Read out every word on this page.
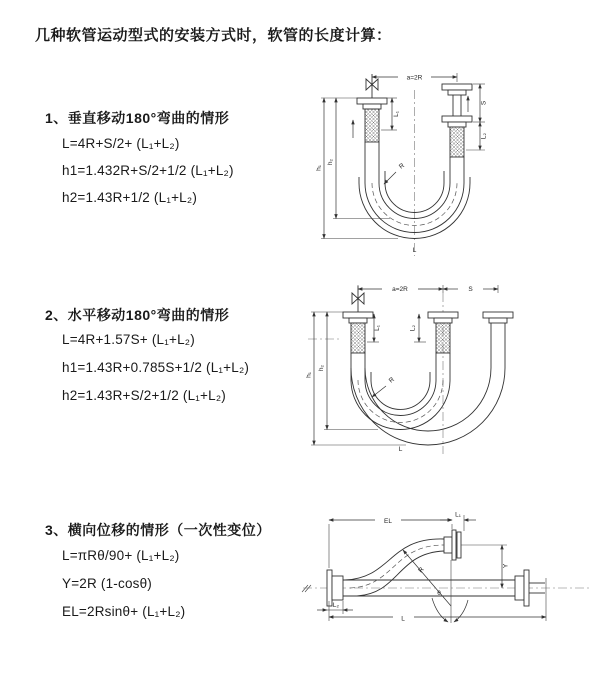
几种软管运动型式的安装方式时，软管的长度计算：
1、垂直移动180°弯曲的情形
L=4R+S/2+ (L₁+L₂)
h1=1.432R+S/2+1/2 (L₁+L₂)
h2=1.43R+1/2 (L₁+L₂)
2、水平移动180°弯曲的情形
L=4R+1.57S+ (L₁+L₂)
h1=1.43R+0.785S+1/2 (L₁+L₂)
h2=1.43R+S/2+1/2 (L₁+L₂)
3、横向位移的情形（一次性变位）
L=πRθ/90+ (L₁+L₂)
Y=2R (1-cosθ)
EL=2Rsinθ+ (L₁+L₂)
a=2R
S
L₂
L₁
h₁
h₂
R
L
a=2R	S
L₁	L₂
h₁
h₂
R
L
EL
L₁
Y
R
θ
L
L₂
